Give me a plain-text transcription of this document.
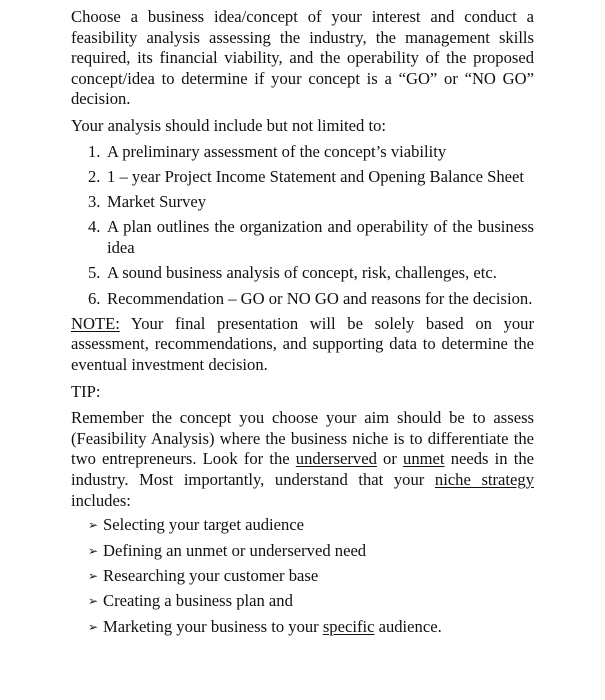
Choose a business idea/concept of your interest and conduct a feasibility analysis assessing the industry, the management skills required, its financial viability, and the operability of the proposed concept/idea to determine if your concept is a “GO” or “NO GO” decision.

Your analysis should include but not limited to:

1. A preliminary assessment of the concept’s viability
2. 1 – year Project Income Statement and Opening Balance Sheet
3. Market Survey
4. A plan outlines the organization and operability of the business idea
5. A sound business analysis of concept, risk, challenges, etc.
6. Recommendation – GO or NO GO and reasons for the decision.

NOTE: Your final presentation will be solely based on your assessment, recommendations, and supporting data to determine the eventual investment decision.

TIP:

Remember the concept you choose your aim should be to assess (Feasibility Analysis) where the business niche is to differentiate the two entrepreneurs. Look for the underserved or unmet needs in the industry. Most importantly, understand that your niche strategy includes:

➢ Selecting your target audience
➢ Defining an unmet or underserved need
➢ Researching your customer base
➢ Creating a business plan and
➢ Marketing your business to your specific audience.
